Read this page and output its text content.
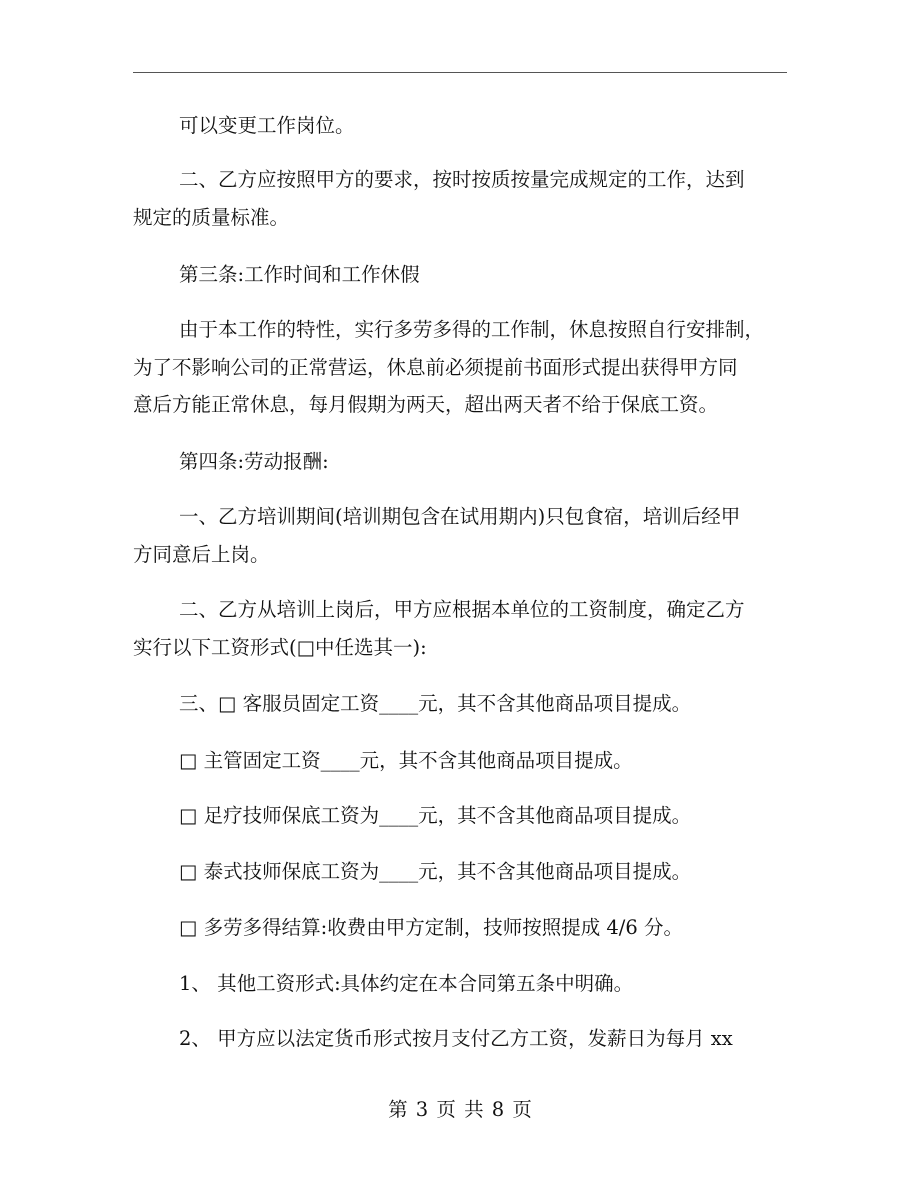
可以变更工作岗位。
二、乙方应按照甲方的要求，按时按质按量完成规定的工作，达到
规定的质量标准。
第三条:工作时间和工作休假
由于本工作的特性，实行多劳多得的工作制，休息按照自行安排制，
为了不影响公司的正常营运，休息前必须提前书面形式提出获得甲方同
意后方能正常休息，每月假期为两天，超出两天者不给于保底工资。
第四条:劳动报酬:
一、乙方培训期间(培训期包含在试用期内)只包食宿，培训后经甲
方同意后上岗。
二、乙方从培训上岗后，甲方应根据本单位的工资制度，确定乙方
实行以下工资形式(□中任选其一):
三、□ 客服员固定工资____元，其不含其他商品项目提成。
□ 主管固定工资____元，其不含其他商品项目提成。
□ 足疗技师保底工资为____元，其不含其他商品项目提成。
□ 泰式技师保底工资为____元，其不含其他商品项目提成。
□ 多劳多得结算:收费由甲方定制，技师按照提成 4/6 分。
1、 其他工资形式:具体约定在本合同第五条中明确。
2、 甲方应以法定货币形式按月支付乙方工资，发薪日为每月 xx
第 3 页 共 8 页
